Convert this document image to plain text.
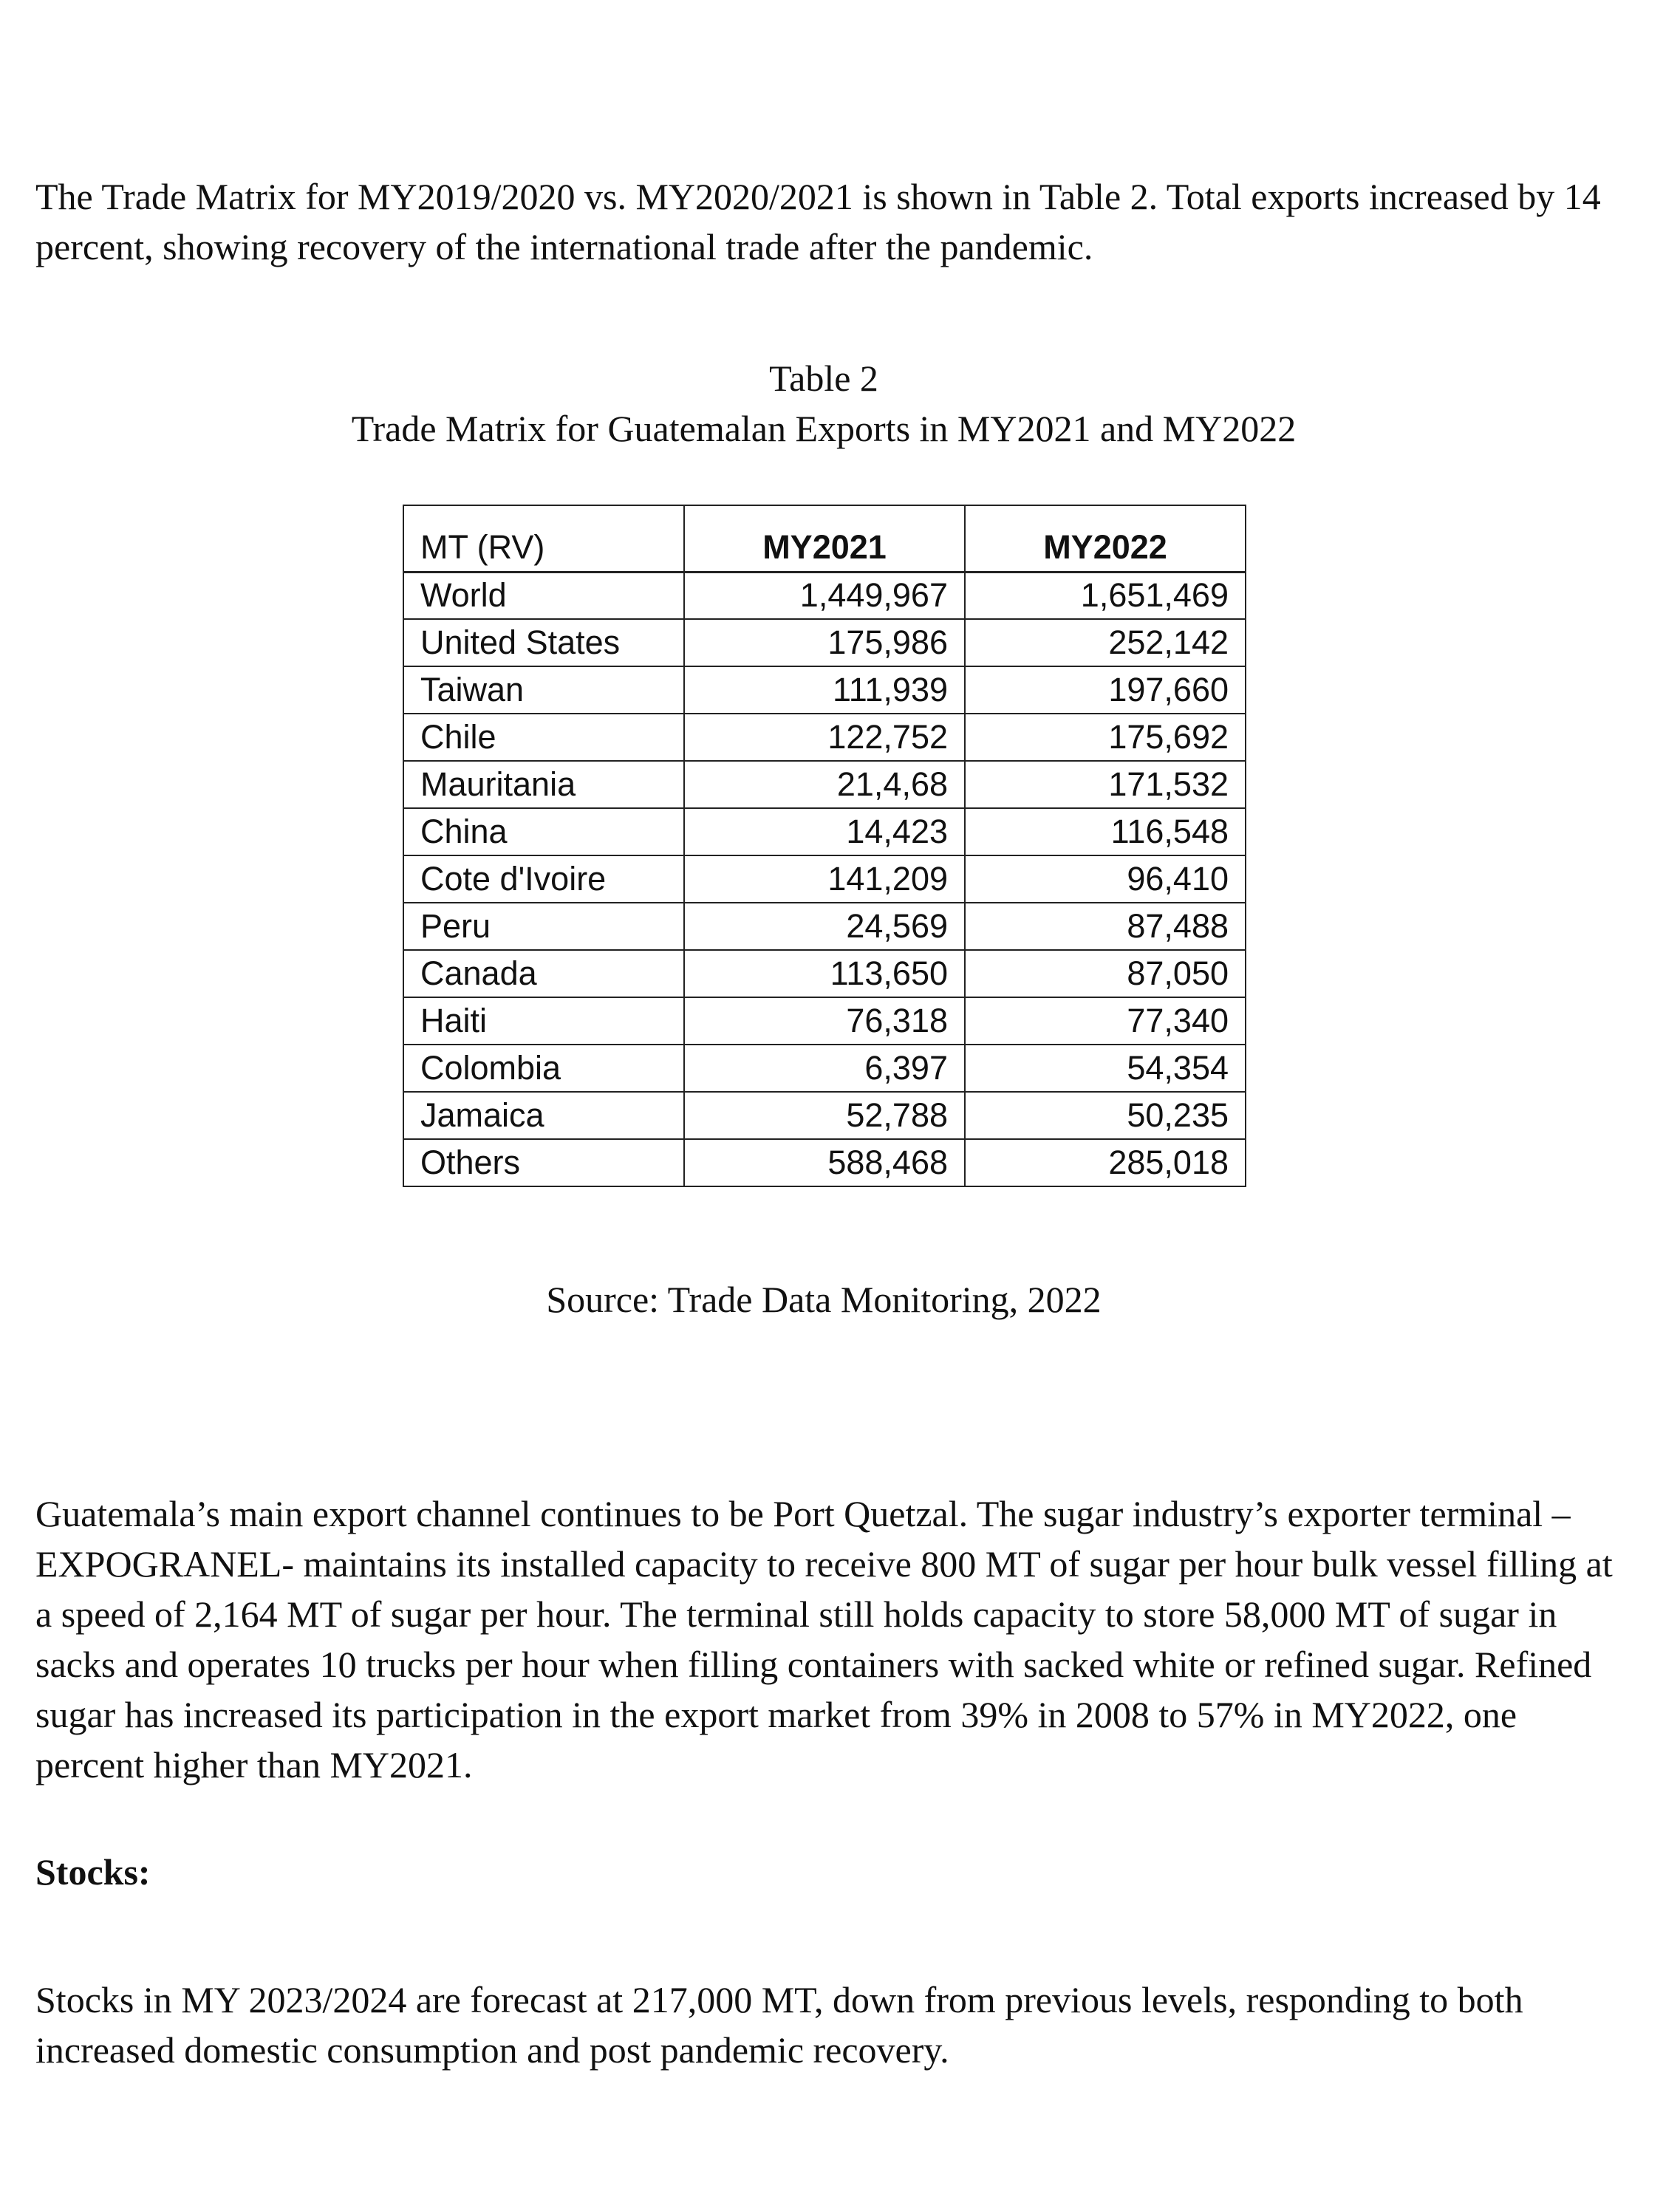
The Trade Matrix for MY2019/2020 vs. MY2020/2021 is shown in Table 2. Total exports increased by 14 percent, showing recovery of the international trade after the pandemic.

Table 2

Trade Matrix for Guatemalan Exports in MY2021 and MY2022

MT (RV)	MY2021	MY2022
World	1,449,967	1,651,469
United States	175,986	252,142
Taiwan	111,939	197,660
Chile	122,752	175,692
Mauritania	21,4,68	171,532
China	14,423	116,548
Cote d'Ivoire	141,209	96,410
Peru	24,569	87,488
Canada	113,650	87,050
Haiti	76,318	77,340
Colombia	6,397	54,354
Jamaica	52,788	50,235
Others	588,468	285,018

Source: Trade Data Monitoring, 2022

Guatemala’s main export channel continues to be Port Quetzal. The sugar industry’s exporter terminal – EXPOGRANEL- maintains its installed capacity to receive 800 MT of sugar per hour bulk vessel filling at a speed of 2,164 MT of sugar per hour. The terminal still holds capacity to store 58,000 MT of sugar in sacks and operates 10 trucks per hour when filling containers with sacked white or refined sugar. Refined sugar has increased its participation in the export market from 39% in 2008 to 57% in MY2022, one percent higher than MY2021.

Stocks:

Stocks in MY 2023/2024 are forecast at 217,000 MT, down from previous levels, responding to both increased domestic consumption and post pandemic recovery.
